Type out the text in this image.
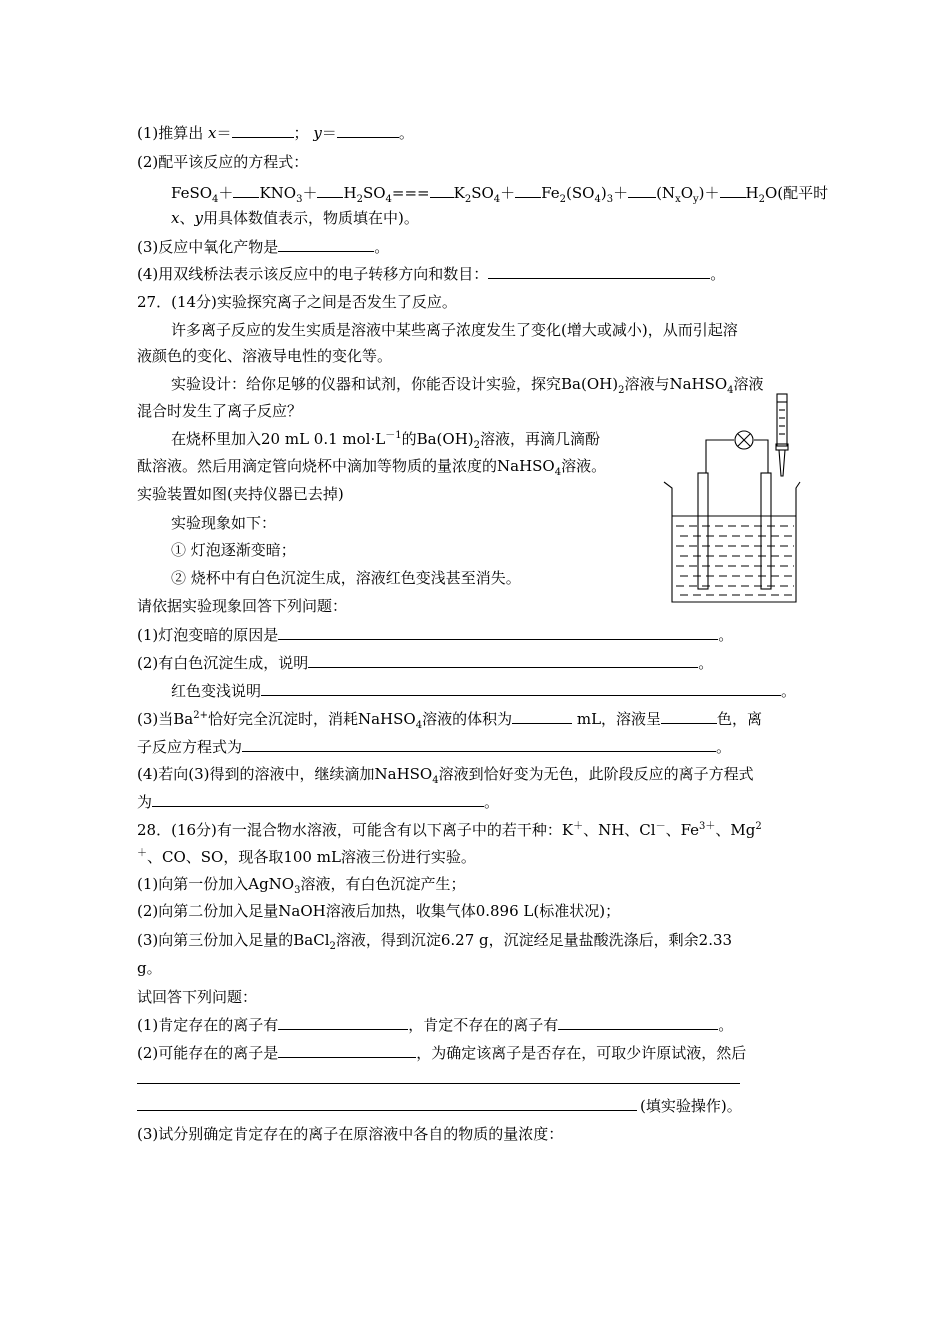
(1)推算出 x＝	； y＝	。
(2)配平该反应的方程式：
FeSO$_4$＋ $KNO_3+ H_2SO_4=== K_2SO_4+ Fe_2(SO_4)_3+ (N_xO_y)+ H_2O$(配平时
x、y用具体数值表示，物质填在中)。
(3)反应中氧化产物是	。
(4)用双线桥法表示该反应中的电子转移方向和数目：	。
27．(14分)实验探究离子之间是否发生了反应。
许多离子反应的发生实质是溶液中某些离子浓度发生了变化(增大或减小)，从而引起溶
液颜色的变化、溶液导电性的变化等。
实验设计：给你足够的仪器和试剂，你能否设计实验，探究$Ba(OH)_2$溶液与NaHSO$_4$溶液
混合时发生了离子反应？
在烧杯里加入20 mL 0.1 $mol\cdot L^{-1}$的$Ba(OH)_2$溶液，再滴几滴酚
酞溶液。然后用滴定管向烧杯中滴加等物质的量浓度的NaHSO$_4$溶液。
实验装置如图(夹持仪器已去掉)
实验现象如下：
① 灯泡逐渐变暗；
② 烧杯中有白色沉淀生成，溶液红色变浅甚至消失。
请依据实验现象回答下列问题：
(1)灯泡变暗的原因是	。
(2)有白色沉淀生成，说明	。
红色变浅说明	。
(3)当$Ba^{2+}$恰好完全沉淀时，消耗NaHSO$_4$溶液的体积为	mL，溶液呈	色，离
子反应方程式为	。
(4)若向(3)得到的溶液中，继续滴加NaHSO$_4$溶液到恰好变为无色，此阶段反应的离子方程式
为	。
28．(16分)有一混合物水溶液，可能含有以下离子中的若干种：K＋、NH、Cl－、$Fe^{3+}$、Mg$^2$
＋、CO、SO，现各取100 mL溶液三份进行实验。
(1)向第一份加入AgNO$_3$溶液，有白色沉淀产生；
(2)向第二份加入足量NaOH溶液后加热，收集气体0.896 L(标准状况)；
(3)向第三份加入足量的BaCl$_2$溶液，得到沉淀6.27 g，沉淀经足量盐酸洗涤后，剩余2.33
g。
试回答下列问题：
(1)肯定存在的离子有	，肯定不存在的离子有	。
(2)可能存在的离子是	，为确定该离子是否存在，可取少许原试液，然后
(填实验操作)。
(3)试分别确定肯定存在的离子在原溶液中各自的物质的量浓度：
